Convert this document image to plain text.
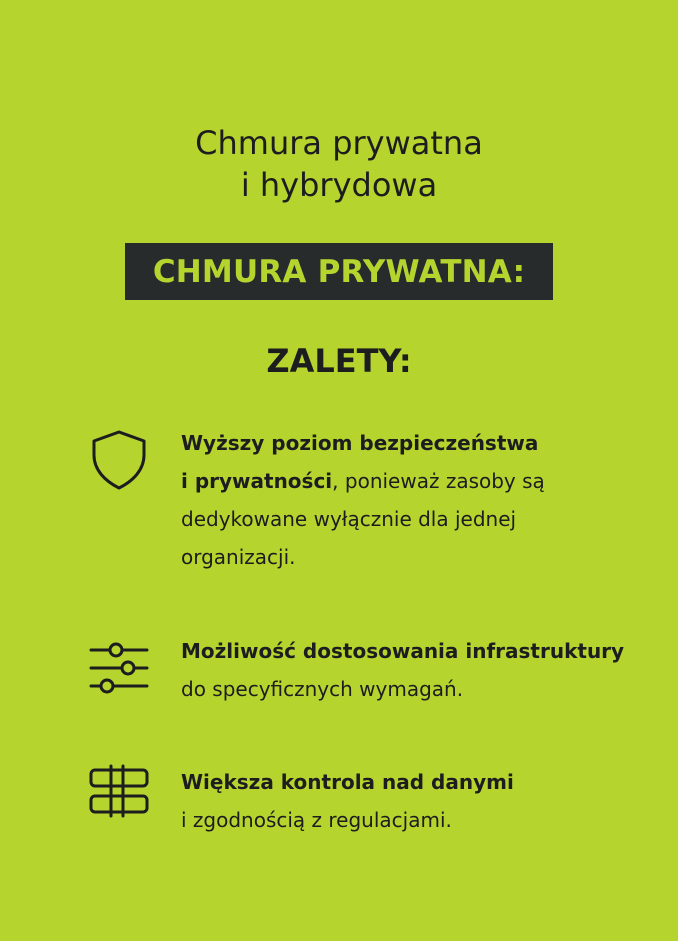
Chmura prywatna
i hybrydowa
CHMURA PRYWATNA:
ZALETY:
Wyższy poziom bezpieczeństwa
i prywatności, ponieważ zasoby są
dedykowane wyłącznie dla jednej
organizacji.
Możliwość dostosowania infrastruktury
do specyficznych wymagań.
Większa kontrola nad danymi
i zgodnością z regulacjami.
